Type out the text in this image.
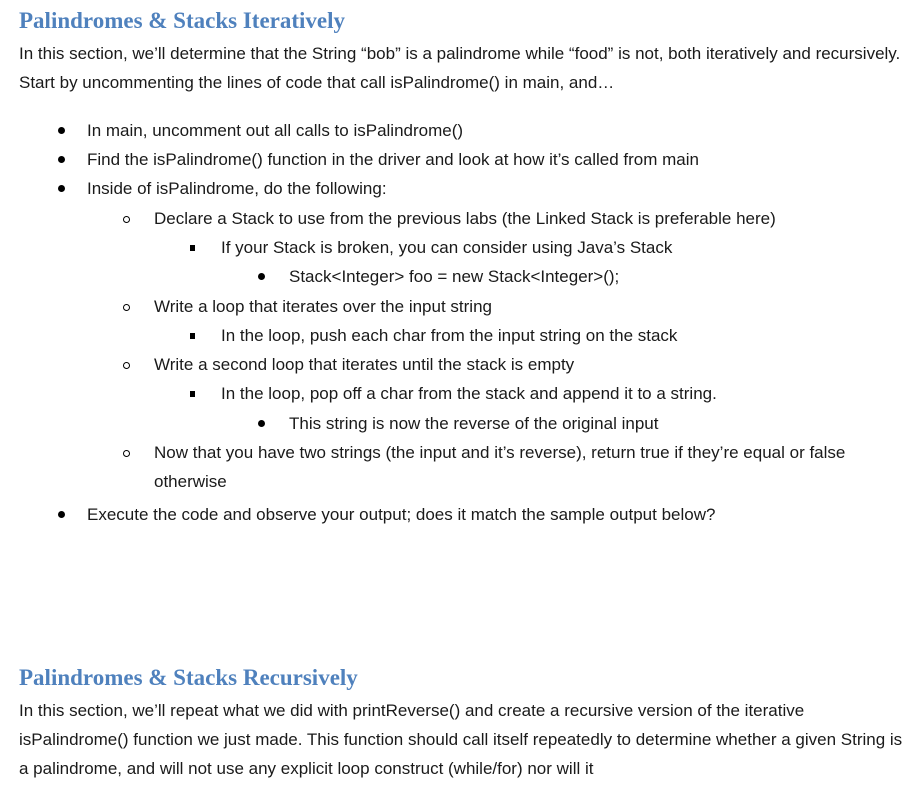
Palindromes & Stacks Iteratively

In this section, we’ll determine that the String “bob” is a palindrome while “food” is not, both iteratively and recursively. Start by uncommenting the lines of code that call isPalindrome() in main, and…

In main, uncomment out all calls to isPalindrome()
Find the isPalindrome() function in the driver and look at how it’s called from main
Inside of isPalindrome, do the following:
Declare a Stack to use from the previous labs (the Linked Stack is preferable here)
If your Stack is broken, you can consider using Java’s Stack
Stack<Integer> foo = new Stack<Integer>();
Write a loop that iterates over the input string
In the loop, push each char from the input string on the stack
Write a second loop that iterates until the stack is empty
In the loop, pop off a char from the stack and append it to a string.
This string is now the reverse of the original input
Now that you have two strings (the input and it’s reverse), return true if they’re equal or false otherwise
Execute the code and observe your output; does it match the sample output below?
Palindromes & Stacks Recursively

In this section, we’ll repeat what we did with printReverse() and create a recursive version of the iterative isPalindrome() function we just made. This function should call itself repeatedly to determine whether a given String is a palindrome, and will not use any explicit loop construct (while/for) nor will it
